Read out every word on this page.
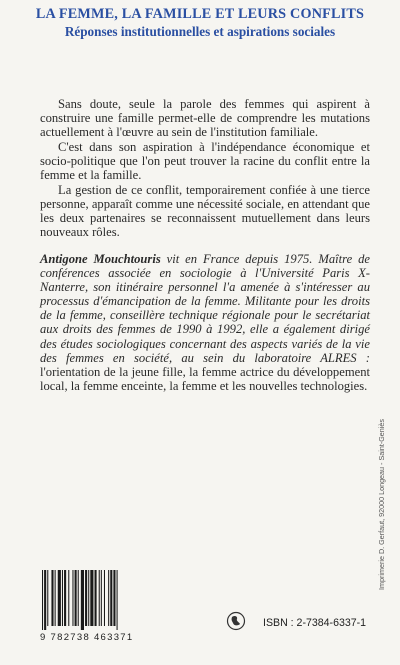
LA FEMME, LA FAMILLE ET LEURS CONFLITS
Réponses institutionnelles et aspirations sociales

Sans doute, seule la parole des femmes qui aspirent à construire une famille permet-elle de comprendre les mutations actuellement à l'œuvre au sein de l'institution familiale.

C'est dans son aspiration à l'indépendance économique et socio-politique que l'on peut trouver la racine du conflit entre la femme et la famille.

La gestion de ce conflit, temporairement confiée à une tierce personne, apparaît comme une nécessité sociale, en attendant que les deux partenaires se reconnaissent mutuellement dans leurs nouveaux rôles.

Antigone Mouchtouris vit en France depuis 1975. Maître de conférences associée en sociologie à l'Université Paris X-Nanterre, son itinéraire personnel l'a amenée à s'intéresser au processus d'émancipation de la femme. Militante pour les droits de la femme, conseillère technique régionale pour le secrétariat aux droits des femmes de 1990 à 1992, elle a également dirigé des études sociologiques concernant des aspects variés de la vie des femmes en société, au sein du laboratoire ALRES : l'orientation de la jeune fille, la femme actrice du développement local, la femme enceinte, la femme et les nouvelles technologies.

Imprimerie D. Gerfaut, 92000 Longeau - Saint-Geniès
9 782738 463371
ISBN : 2-7384-6337-1
